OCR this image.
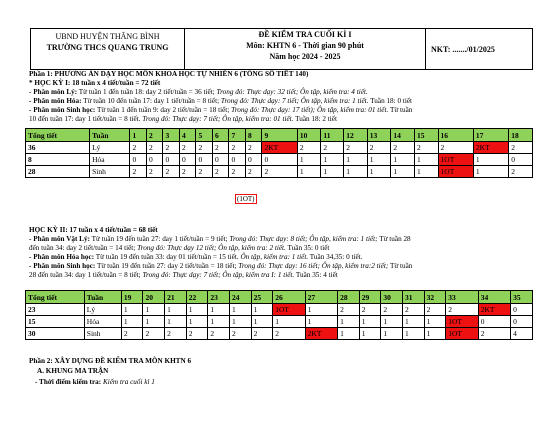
UBND HUYỆN THĂNG BÌNH
TRƯỜNG THCS QUANG TRUNG
ĐỀ KIỂM TRA CUỐI KÌ I
Môn: KHTN 6 - Thời gian 90 phút
Năm học 2024 - 2025
NKT: ......./01/2025
Phần 1: PHƯƠNG ÁN DẠY HỌC MÔN KHOA HỌC TỰ NHIÊN 6 (TỔNG SỐ TIẾT 140)
* HỌC KỲ I: 18 tuần x 4 tiết/tuần = 72 tiết
- Phân môn Lý: Từ tuần 1 đến tuần 18: day 2 tiết/tuần = 36 tiết; Trong đó: Thực dạy: 32 tiết; Ôn tập, kiểm tra: 4 tiết.
- Phân môn Hóa: Từ tuần 10 đến tuần 17: day 1 tiết/tuần = 8 tiết; Trong đó: Thực dạy: 7 tiết; Ôn tập, kiểm tra: 1 tiết. Tuần 18: 0 tiết
- Phân môn Sinh học: Từ tuần 1 đến tuần 9: day 2 tiết/tuần = 18 tiết; Trong đó: Thực dạy: 17 tiết); Ôn tập, kiểm tra: 01 tiết. Từ tuần
10 đến tuần 17: day 1 tiết/tuần = 8 tiết. Trong đó: Thực dạy: 7 tiết; Ôn tập, kiểm tra: 01 tiết. Tuần 18: 2 tiết
Tổng tiết	Tuần	1	2	3	4	5	6	7	8	9	10	11	12	13	14	15	16	17	18
36	Lý	2	2	2	2	2	2	2	2	2KT	2	2	2	2	2	2	2	2KT	2
8	Hóa	0	0	0	0	0	0	0	0	0	1	1	1	1	1	1	1OT	1	0
28	Sinh	2	2	2	2	2	2	2	2	2	1	1	1	1	1	1	1OT	1	2
(1OT)
HỌC KỲ II: 17 tuần x 4 tiết/tuần = 68 tiết
- Phân môn Vật Lý: Từ tuần 19 đến tuần 27: day 1 tiết/tuần = 9 tiết; Trong đó: Thực dạy: 8 tiết; Ôn tập, kiểm tra: 1 tiết; Từ tuần 28
đến tuần 34: day 2 tiết/tuần = 14 tiết; Trong đó: Thực dạy 12 tiết; Ôn tập, kiểm tra: 2 tiết. Tuần 35: 0 tiết
- Phân môn Hóa học: Từ tuần 19 đến tuần 33: day 01 tiết/tuần = 15 tiết. Ôn tập, kiểm tra: 1 tiết. Tuần 34,35: 0 tiết.
- Phân môn Sinh học: Từ tuần 19 đến tuần 27: day 2 tiết/tuần = 18 tiết; Trong đó: Thực dạy: 16 tiết; Ôn tập, kiểm tra:2 tiết; Từ tuần
28 đến tuần 34: day 1 tiết/tuần = 8 tiết; Trong đó: Thực dạy: 7 tiết; Ôn tập, kiểm tra I: 1 tiết. Tuần 35: 4 tiết
Tổng tiết	Tuần	19	20	21	22	23	24	25	26	27	28	29	30	31	32	33	34	35
23	Lý	1	1	1	1	1	1	1	1OT	1	2	2	2	2	2	2	2KT	0
15	Hóa	1	1	1	1	1	1	1	1	1	1	1	1	1	1	1OT	0	0
30	Sinh	2	2	2	2	2	2	2	2	2KT	1	1	1	1	1	1OT	2	4
Phần 2: XÂY DỰNG ĐỀ KIỂM TRA MÔN KHTN 6
A. KHUNG MA TRẬN
- Thời điểm kiểm tra: Kiểm tra cuối kì 1
